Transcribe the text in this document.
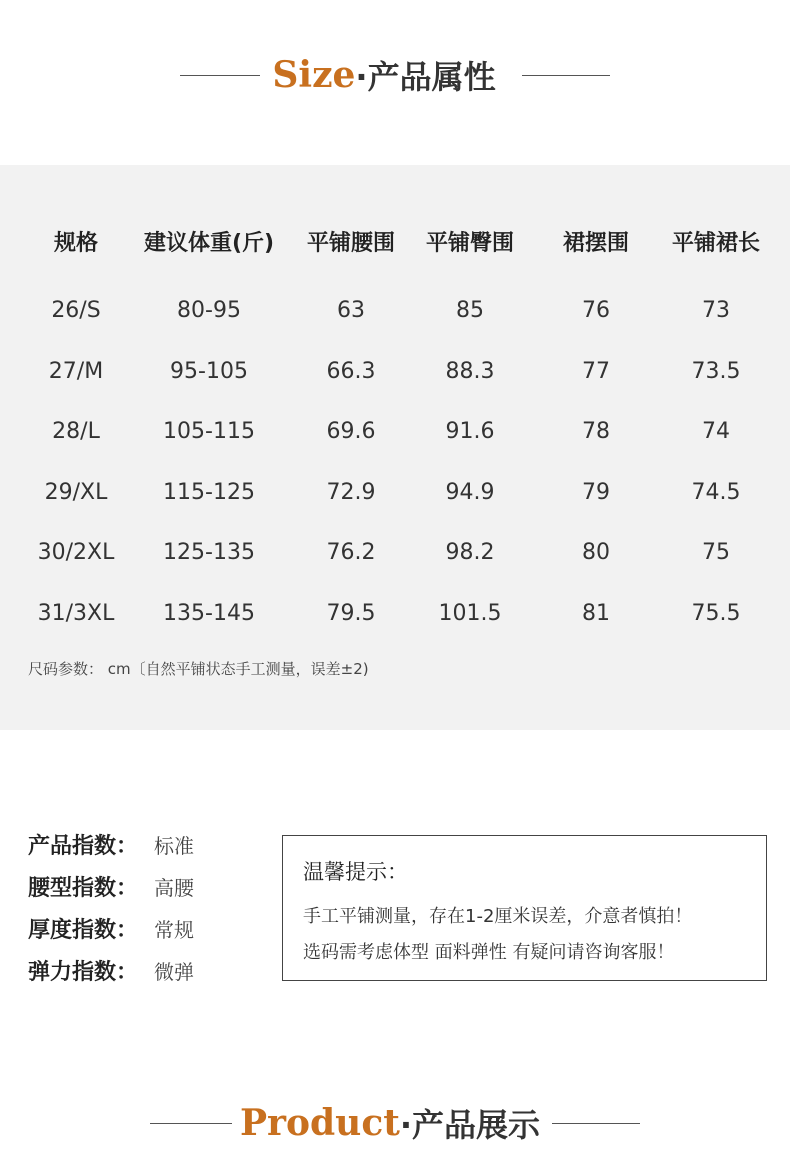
Size ·产品属性
规格	建议体重(斤)	平铺腰围	平铺臀围	裙摆围	平铺裙长
26/S	80-95	63	85	76	73
27/M	95-105	66.3	88.3	77	73.5
28/L	105-115	69.6	91.6	78	74
29/XL	115-125	72.9	94.9	79	74.5
30/2XL	125-135	76.2	98.2	80	75
31/3XL	135-145	79.5	101.5	81	75.5
尺码参数： cm〔自然平铺状态手工测量，误差±2)
产品指数： 标准
腰型指数： 高腰
厚度指数： 常规
弹力指数： 微弹
温馨提示：
手工平铺测量，存在1-2厘米误差，介意者慎拍！
选码需考虑体型 面料弹性 有疑问请咨询客服！
Product ·产品展示
